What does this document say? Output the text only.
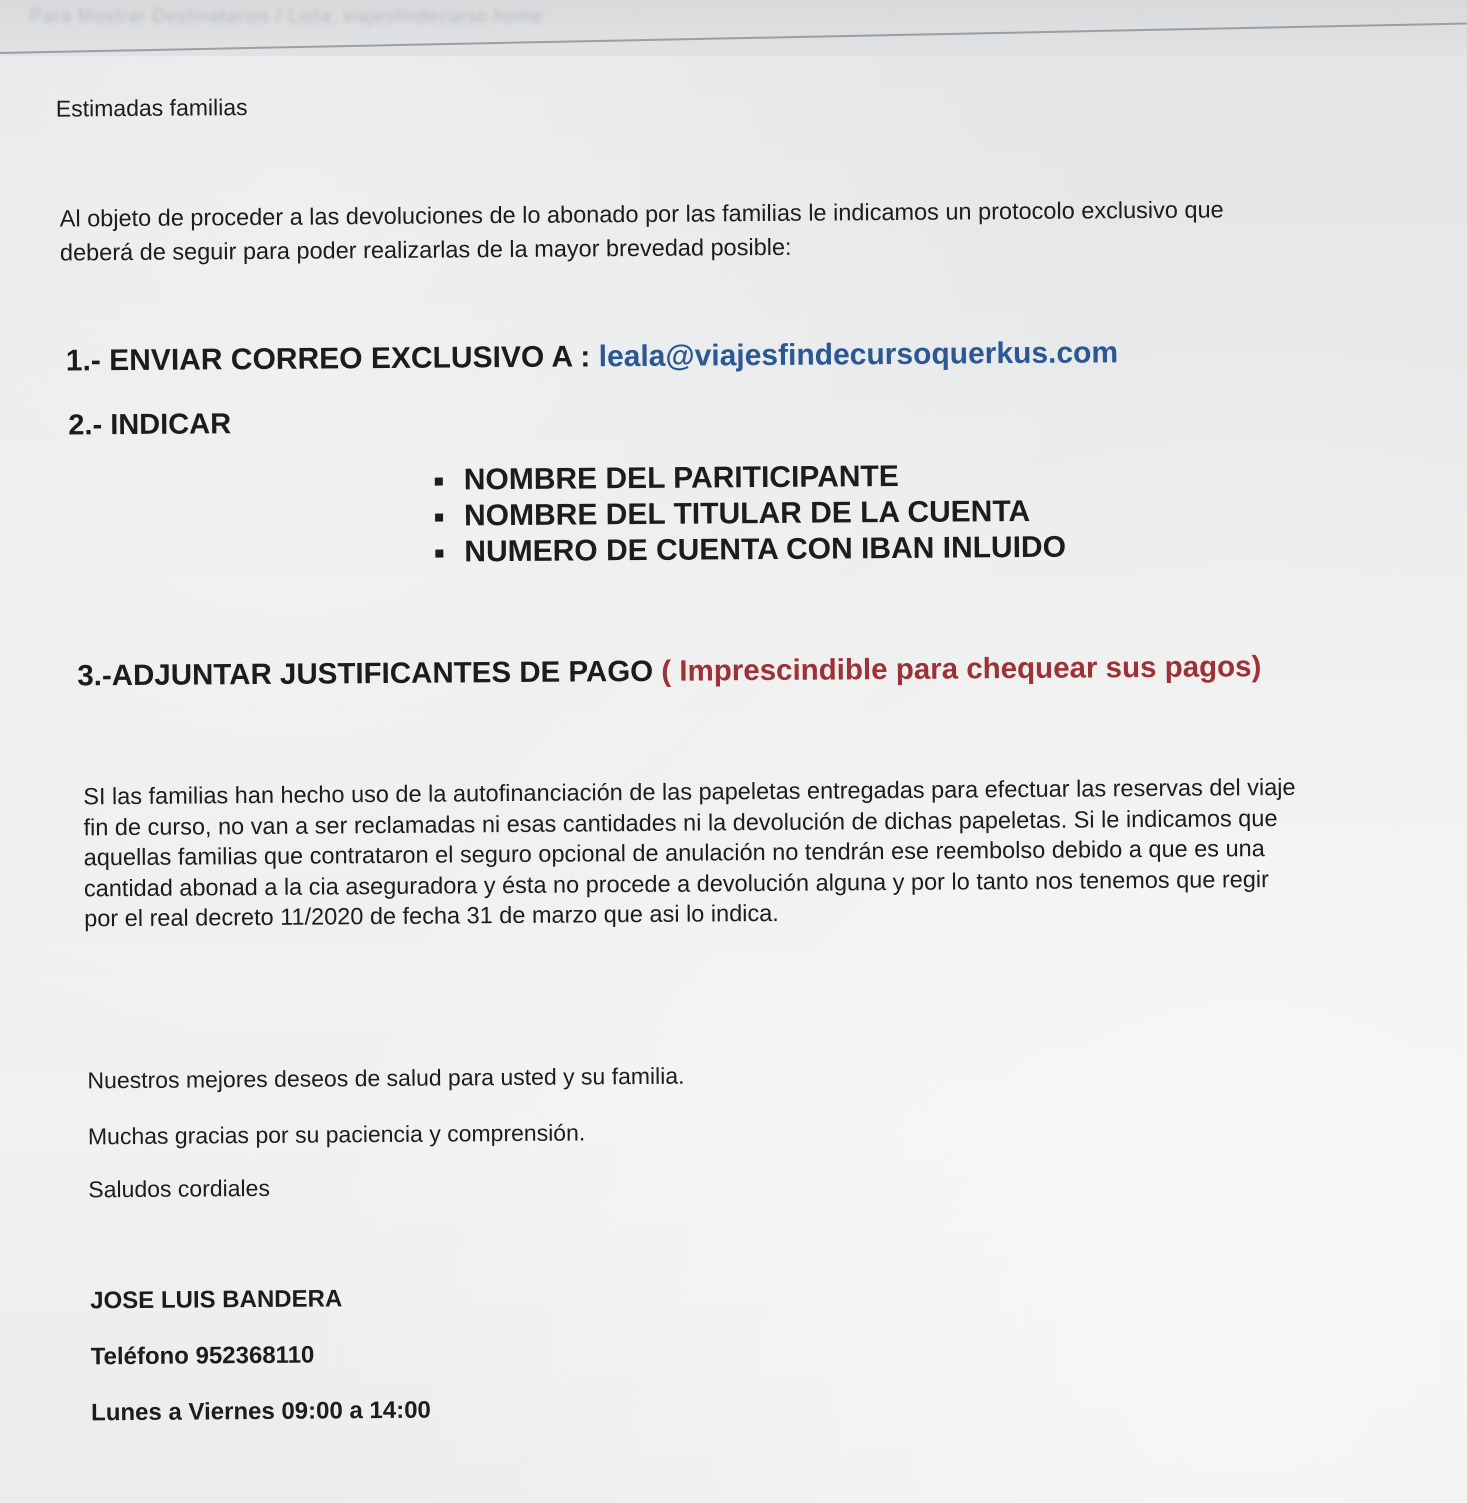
Para Mostrar Destinatarios / Lista: viajesfindecurso.home

Estimadas familias

Al objeto de proceder a las devoluciones de lo abonado por las familias le indicamos un protocolo exclusivo que
deberá de seguir para poder realizarlas de la mayor brevedad posible:

1.- ENVIAR CORREO EXCLUSIVO A : leala@viajesfindecursoquerkus.com

2.- INDICAR

NOMBRE DEL PARITICIPANTE
NOMBRE DEL TITULAR DE LA CUENTA
NUMERO DE CUENTA CON IBAN INLUIDO

3.-ADJUNTAR JUSTIFICANTES DE PAGO ( Imprescindible para chequear sus pagos)

SI las familias han hecho uso de la autofinanciación de las papeletas entregadas para efectuar las reservas del viaje
fin de curso, no van a ser reclamadas ni esas cantidades ni la devolución de dichas papeletas. Si le indicamos que
aquellas familias que contrataron el seguro opcional de anulación no tendrán ese reembolso debido a que es una
cantidad abonad a la cia aseguradora y ésta no procede a devolución alguna y por lo tanto nos tenemos que regir
por el real decreto 11/2020 de fecha 31 de marzo que asi lo indica.

Nuestros mejores deseos de salud para usted y su familia.

Muchas gracias por su paciencia y comprensión.

Saludos cordiales

JOSE LUIS BANDERA

Teléfono 952368110

Lunes a Viernes 09:00 a 14:00
